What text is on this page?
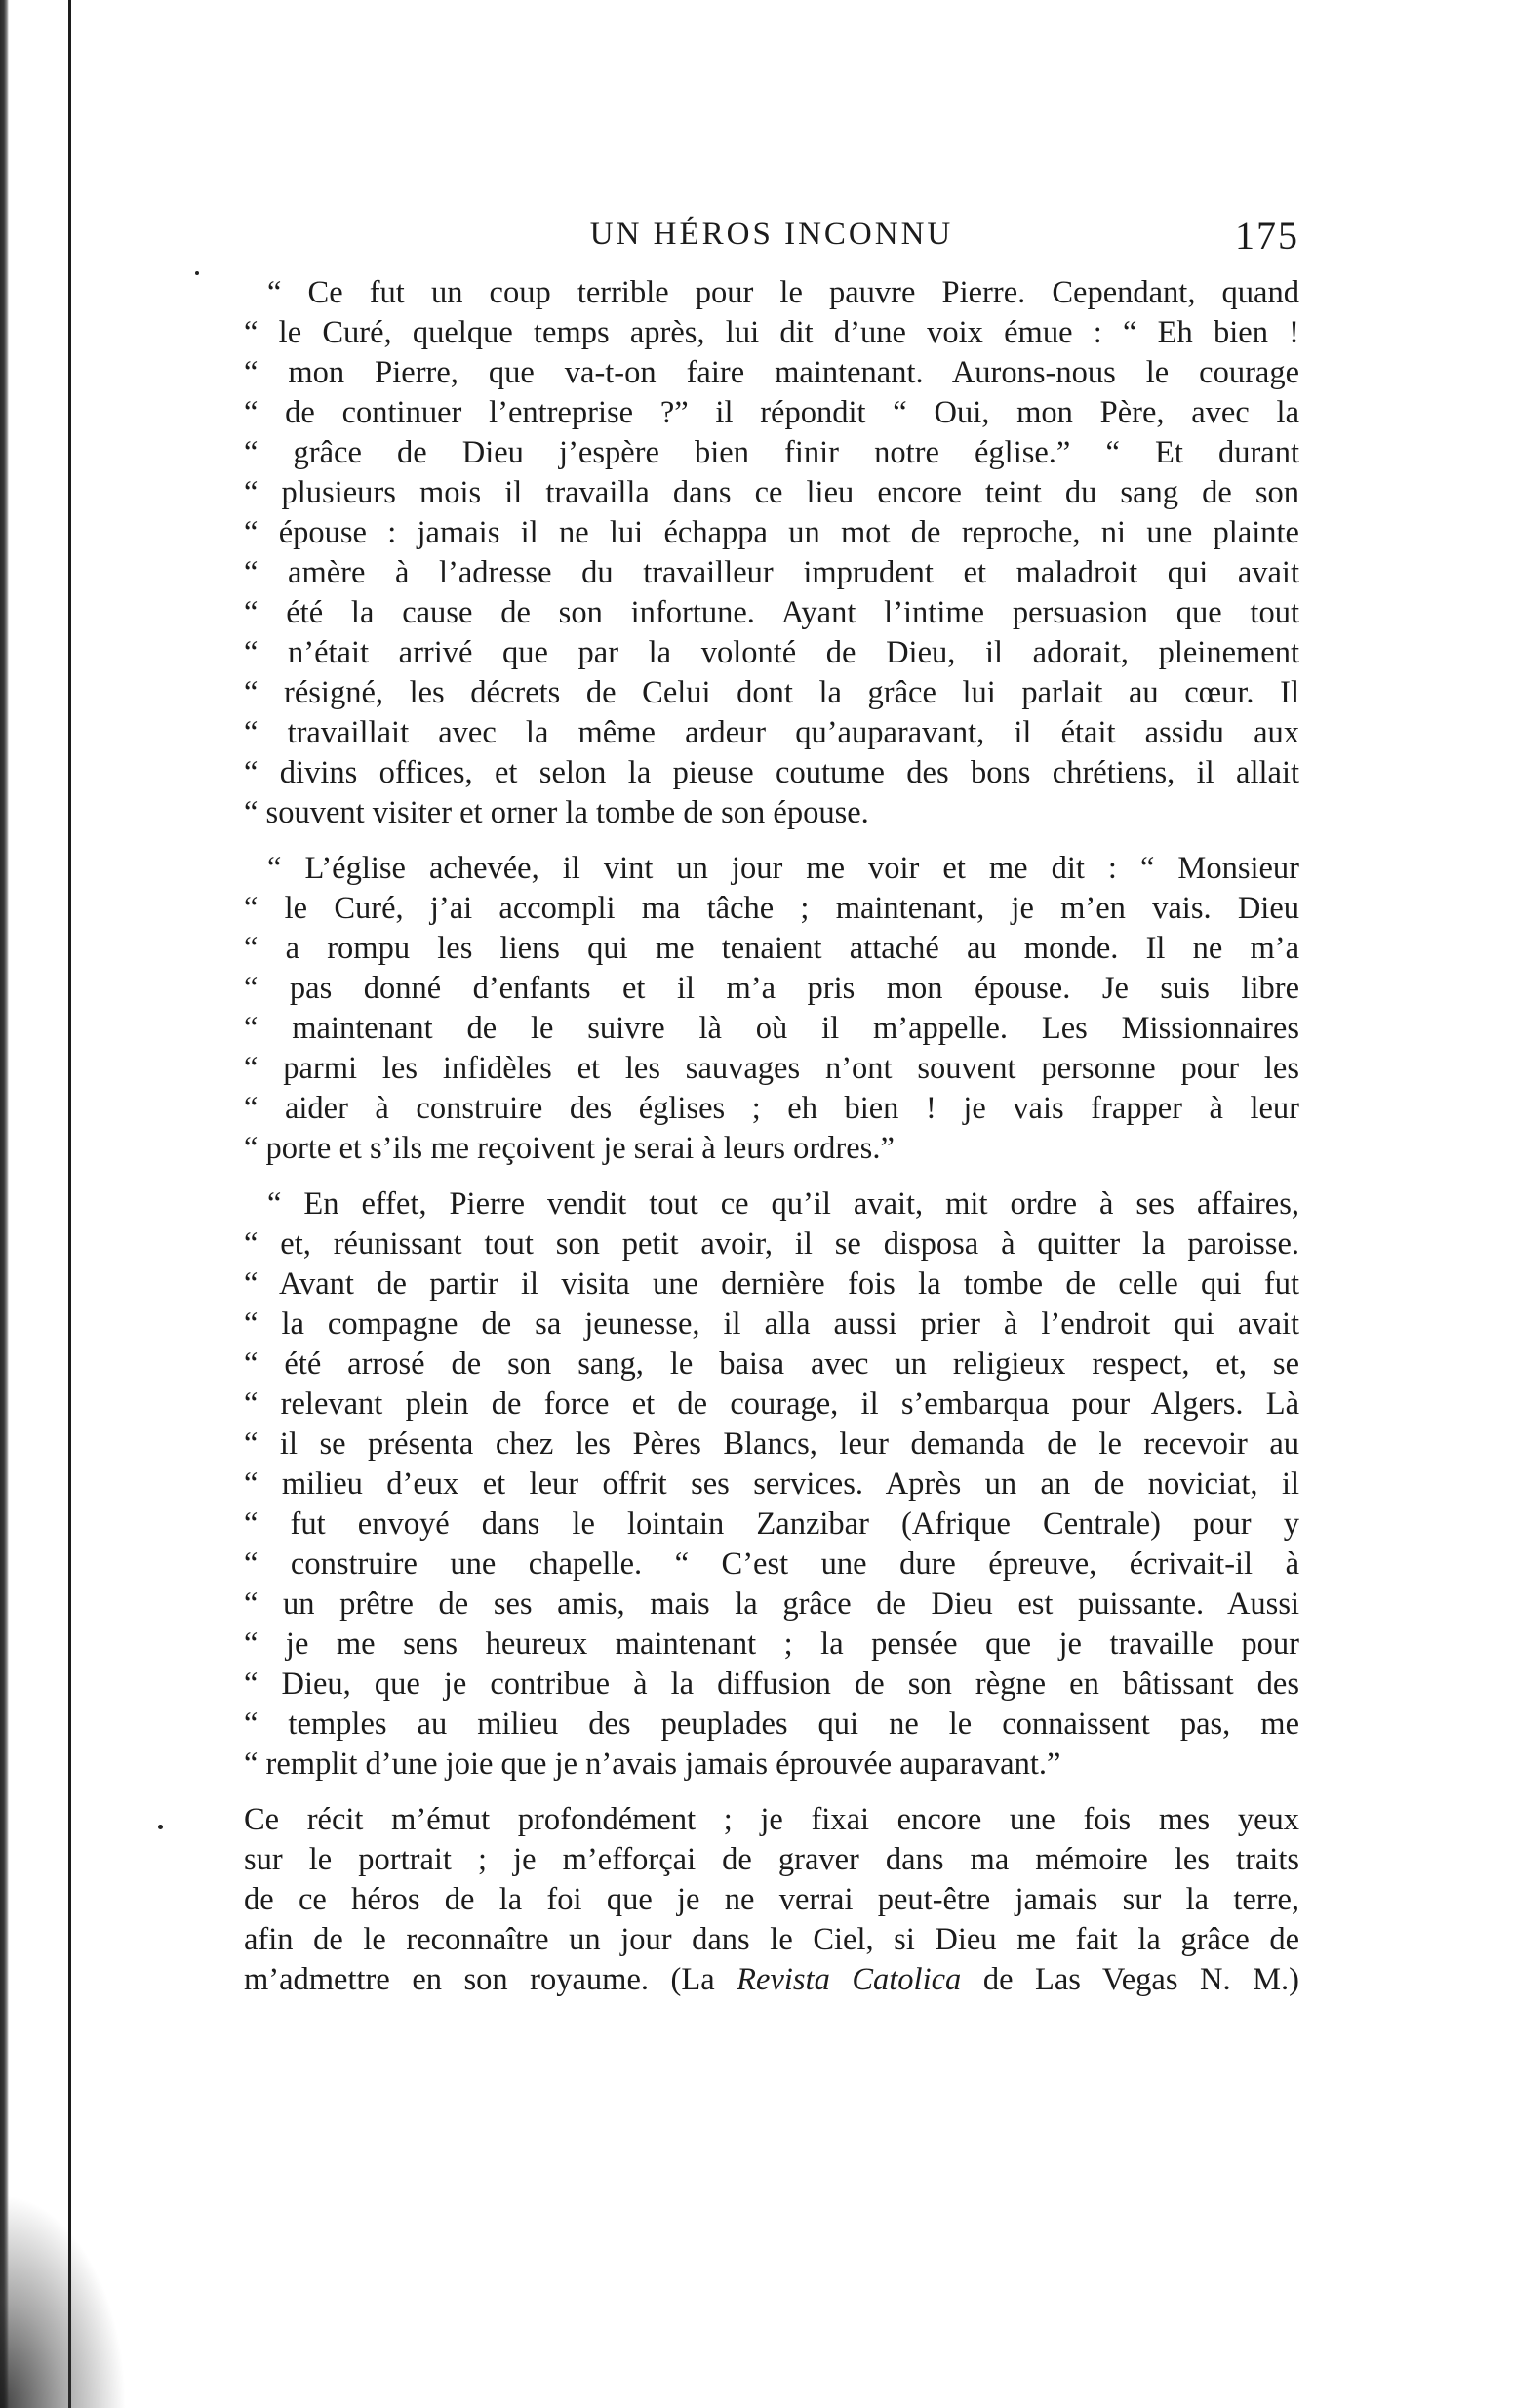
UN HÉROS INCONNU	175

“ Ce fut un coup terrible pour le pauvre Pierre. Cependant, quand
“ le Curé, quelque temps après, lui dit d’une voix émue : “ Eh bien !
“ mon Pierre, que va-t-on faire maintenant. Aurons-nous le courage
“ de continuer l’entreprise ?” il répondit “ Oui, mon Père, avec la
“ grâce de Dieu j’espère bien finir notre église.” “ Et durant
“ plusieurs mois il travailla dans ce lieu encore teint du sang de son
“ épouse : jamais il ne lui échappa un mot de reproche, ni une plainte
“ amère à l’adresse du travailleur imprudent et maladroit qui avait
“ été la cause de son infortune. Ayant l’intime persuasion que tout
“ n’était arrivé que par la volonté de Dieu, il adorait, pleinement
“ résigné, les décrets de Celui dont la grâce lui parlait au cœur. Il
“ travaillait avec la même ardeur qu’auparavant, il était assidu aux
“ divins offices, et selon la pieuse coutume des bons chrétiens, il allait
“ souvent visiter et orner la tombe de son épouse.

“ L’église achevée, il vint un jour me voir et me dit : “ Monsieur
“ le Curé, j’ai accompli ma tâche ; maintenant, je m’en vais. Dieu
“ a rompu les liens qui me tenaient attaché au monde. Il ne m’a
“ pas donné d’enfants et il m’a pris mon épouse. Je suis libre
“ maintenant de le suivre là où il m’appelle. Les Missionnaires
“ parmi les infidèles et les sauvages n’ont souvent personne pour les
“ aider à construire des églises ; eh bien ! je vais frapper à leur
“ porte et s’ils me reçoivent je serai à leurs ordres.”

“ En effet, Pierre vendit tout ce qu’il avait, mit ordre à ses affaires,
“ et, réunissant tout son petit avoir, il se disposa à quitter la paroisse.
“ Avant de partir il visita une dernière fois la tombe de celle qui fut
“ la compagne de sa jeunesse, il alla aussi prier à l’endroit qui avait
“ été arrosé de son sang, le baisa avec un religieux respect, et, se
“ relevant plein de force et de courage, il s’embarqua pour Algers. Là
“ il se présenta chez les Pères Blancs, leur demanda de le recevoir au
“ milieu d’eux et leur offrit ses services. Après un an de noviciat, il
“ fut envoyé dans le lointain Zanzibar (Afrique Centrale) pour y
“ construire une chapelle. “ C’est une dure épreuve, écrivait-il à
“ un prêtre de ses amis, mais la grâce de Dieu est puissante. Aussi
“ je me sens heureux maintenant ; la pensée que je travaille pour
“ Dieu, que je contribue à la diffusion de son règne en bâtissant des
“ temples au milieu des peuplades qui ne le connaissent pas, me
“ remplit d’une joie que je n’avais jamais éprouvée auparavant.”

Ce récit m’émut profondément ; je fixai encore une fois mes yeux
sur le portrait ; je m’efforçai de graver dans ma mémoire les traits
de ce héros de la foi que je ne verrai peut-être jamais sur la terre,
afin de le reconnaître un jour dans le Ciel, si Dieu me fait la grâce de
m’admettre en son royaume. (La Revista Catolica de Las Vegas N. M.)
